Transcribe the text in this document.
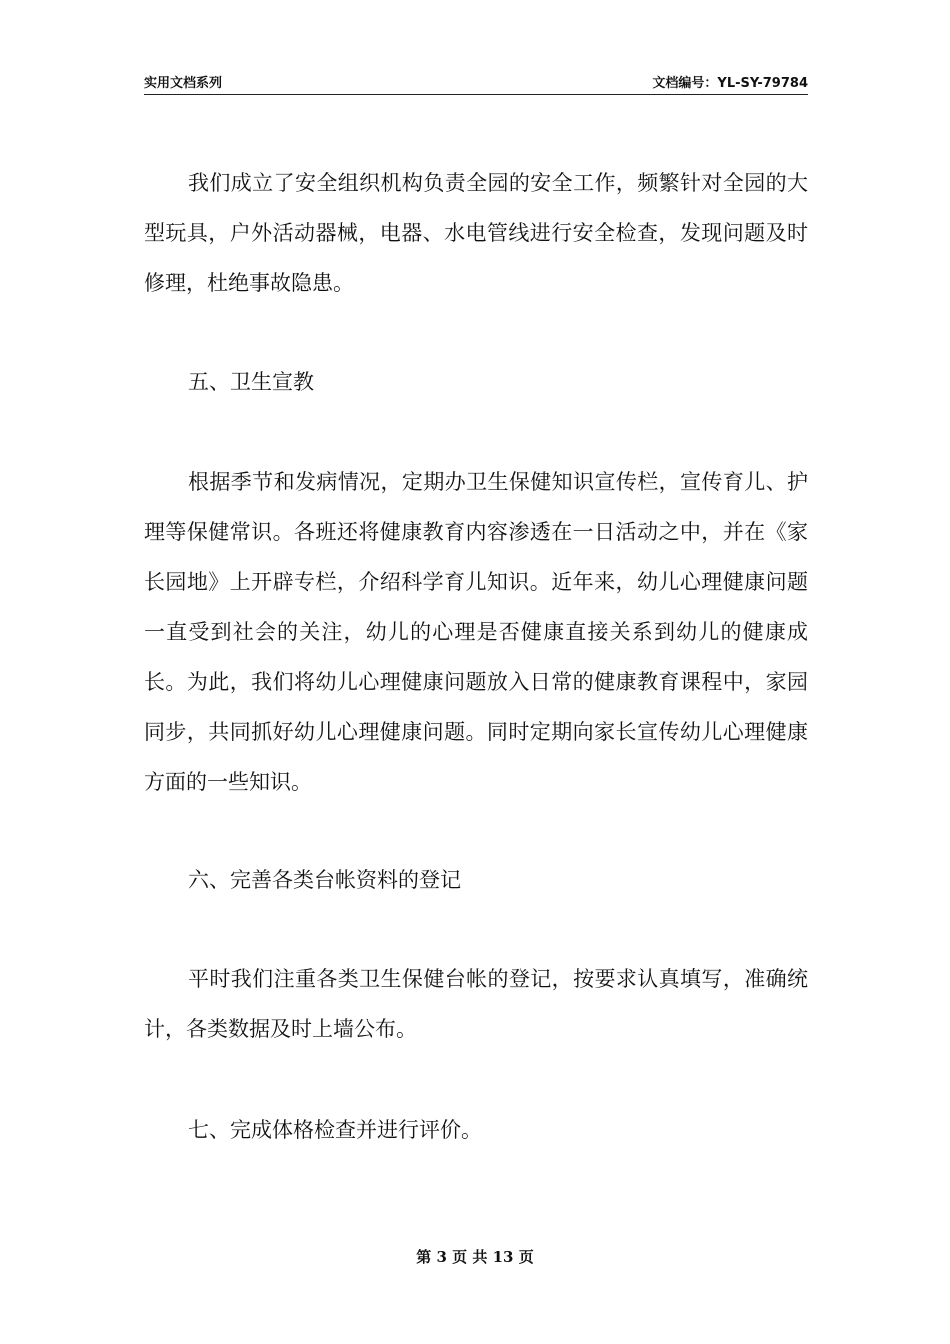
实用文档系列	文档编号：YL-SY-79784

我们成立了安全组织机构负责全园的安全工作，频繁针对全园的大型玩具，户外活动器械，电器、水电管线进行安全检查，发现问题及时修理，杜绝事故隐患。

五、卫生宣教

根据季节和发病情况，定期办卫生保健知识宣传栏，宣传育儿、护理等保健常识。各班还将健康教育内容渗透在一日活动之中，并在《家长园地》上开辟专栏，介绍科学育儿知识。近年来，幼儿心理健康问题一直受到社会的关注，幼儿的心理是否健康直接关系到幼儿的健康成长。为此，我们将幼儿心理健康问题放入日常的健康教育课程中，家园同步，共同抓好幼儿心理健康问题。同时定期向家长宣传幼儿心理健康方面的一些知识。

六、完善各类台帐资料的登记

平时我们注重各类卫生保健台帐的登记，按要求认真填写，准确统计，各类数据及时上墙公布。

七、完成体格检查并进行评价。

第 3 页 共 13 页
